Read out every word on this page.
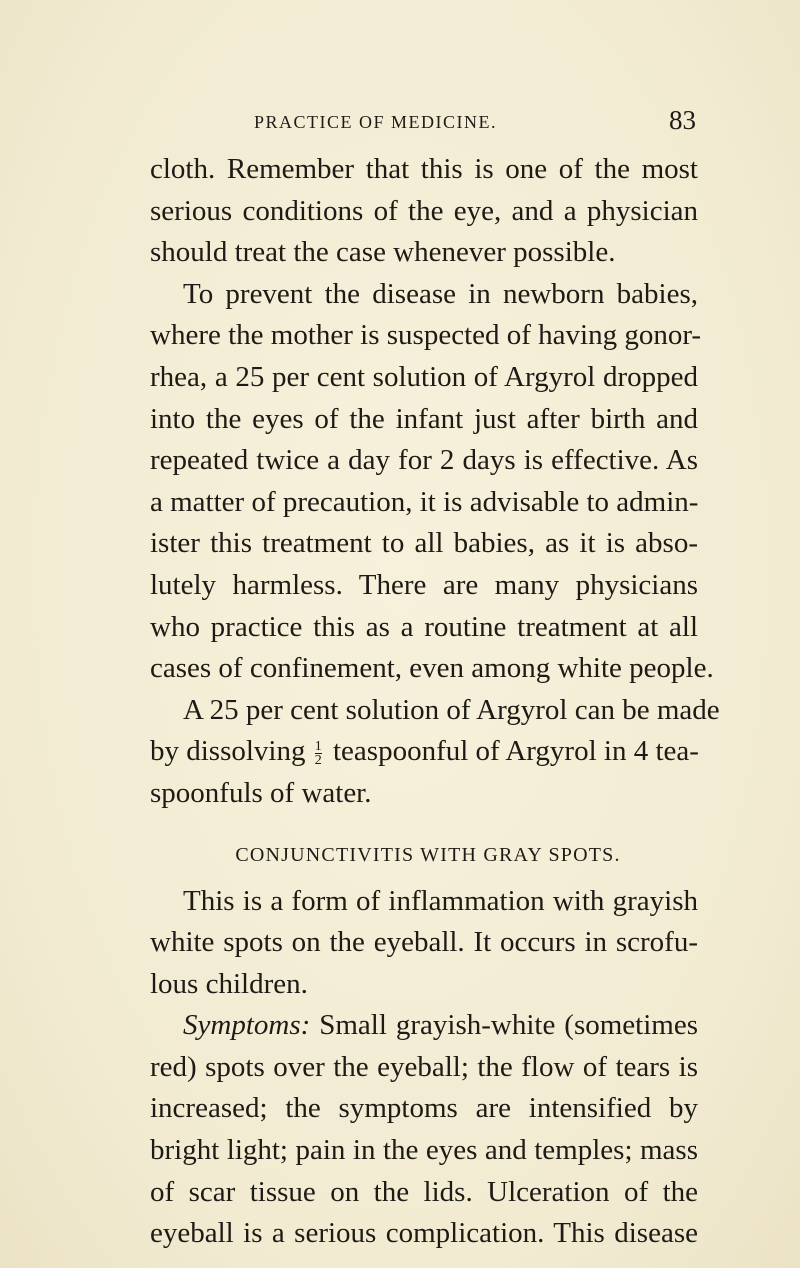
PRACTICE OF MEDICINE.	83
cloth. Remember that this is one of the most
serious conditions of the eye, and a physician
should treat the case whenever possible.
To prevent the disease in newborn babies,
where the mother is suspected of having gonor-
rhea, a 25 per cent solution of Argyrol dropped
into the eyes of the infant just after birth and
repeated twice a day for 2 days is effective. As
a matter of precaution, it is advisable to admin-
ister this treatment to all babies, as it is abso-
lutely harmless. There are many physicians
who practice this as a routine treatment at all
cases of confinement, even among white people.
A 25 per cent solution of Argyrol can be made
by dissolving $\frac{1}{2}$ teaspoonful of Argyrol in 4 tea-
spoonfuls of water.
CONJUNCTIVITIS WITH GRAY SPOTS.
This is a form of inflammation with grayish
white spots on the eyeball. It occurs in scrofu-
lous children.
Symptoms: Small grayish-white (sometimes
red) spots over the eyeball; the flow of tears is
increased; the symptoms are intensified by
bright light; pain in the eyes and temples; mass
of scar tissue on the lids. Ulceration of the
eyeball is a serious complication. This disease
